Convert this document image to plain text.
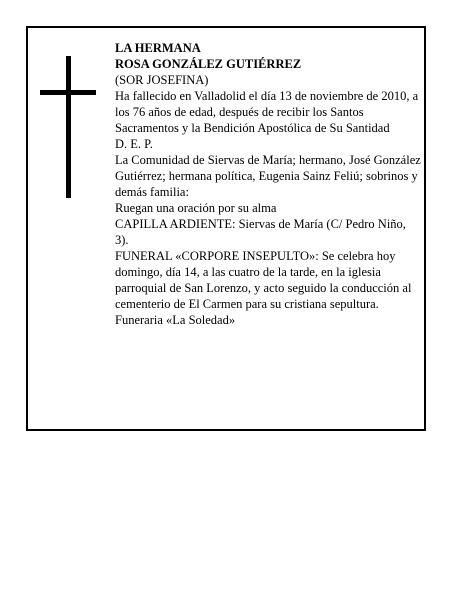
LA HERMANA
ROSA GONZÁLEZ GUTIÉRREZ
(SOR JOSEFINA)
Ha fallecido en Valladolid el día 13 de noviembre de 2010, a los 76 años de edad, después de recibir los Santos Sacramentos y la Bendición Apostólica de Su Santidad
D. E. P.
La Comunidad de Siervas de María; hermano, José González Gutiérrez; hermana política, Eugenia Sainz Feliú; sobrinos y demás familia:
Ruegan una oración por su alma
CAPILLA ARDIENTE: Siervas de María (C/ Pedro Niño, 3).
FUNERAL «CORPORE INSEPULTO»: Se celebra hoy domingo, día 14, a las cuatro de la tarde, en la iglesia parroquial de San Lorenzo, y acto seguido la conducción al cementerio de El Carmen para su cristiana sepultura.
Funeraria «La Soledad»
